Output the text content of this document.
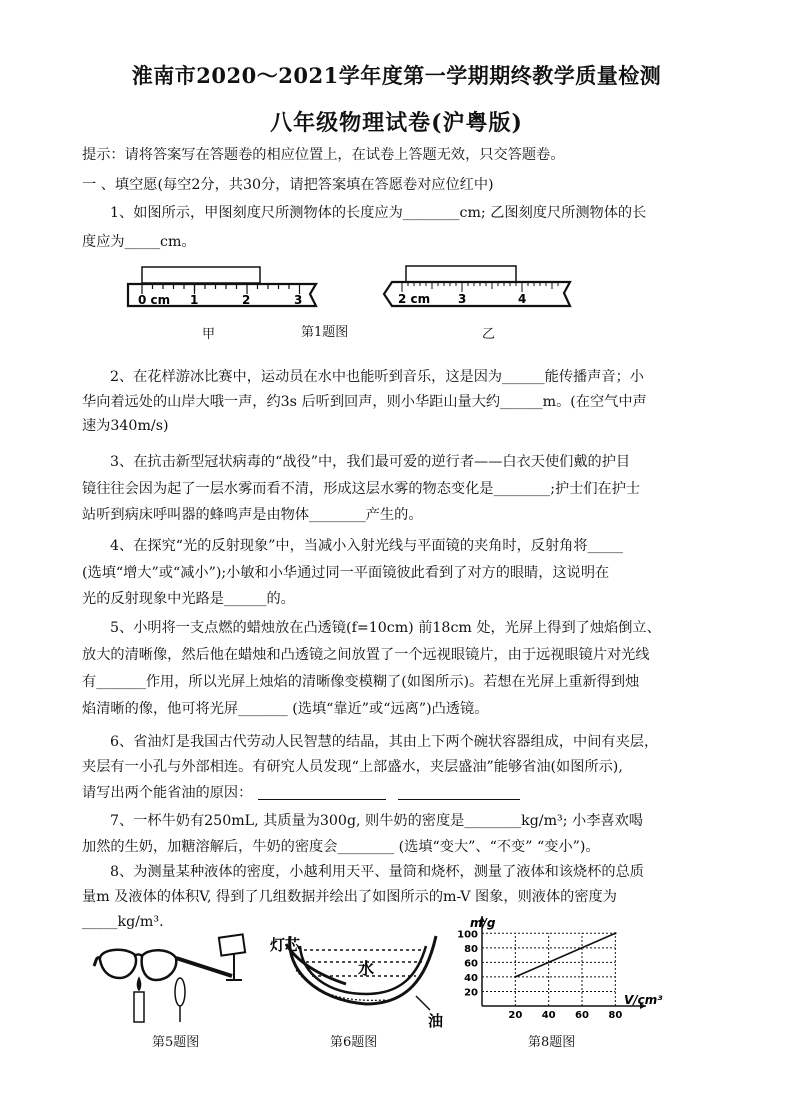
淮南市2020～2021学年度第一学期期终教学质量检测
八年级物理试卷(沪粤版)
提示：请将答案写在答题卷的相应位置上，在试卷上答题无效，只交答题卷。
一 、填空愿(每空2分，共30分，请把答案填在答愿卷对应位红中)
1、如图所示，甲图刻度尺所测物体的长度应为________cm; 乙图刻度尺所测物体的长
度应为_____cm。
0 cm 1	2	3	2 cm 3	4
甲	第1题图	乙
2、在花样游冰比赛中，运动员在水中也能听到音乐，这是因为______能传播声音；小
华向着远处的山岸大哦一声，约3s 后听到回声，则小华距山量大约______m。(在空气中声
速为340m/s)
3、在抗击新型冠状病毒的“战役”中，我们最可爱的逆行者——白衣天使们戴的护目
镜往往会因为起了一层水雾而看不清，形成这层水雾的物态变化是________;护士们在护士
站听到病床呼叫器的蜂鸣声是由物体________产生的。
4、在探究“光的反射现象”中，当减小入射光线与平面镜的夹角时，反射角将_____
(选填“增大”或“减小”);小敏和小华通过同一平面镜彼此看到了对方的眼睛，这说明在
光的反射现象中光路是______的。
5、小明将一支点燃的蜡烛放在凸透镜(f=10cm) 前18cm 处，光屏上得到了烛焰倒立、
放大的清晰像，然后他在蜡烛和凸透镜之间放置了一个远视眼镜片，由于远视眼镜片对光线
有_______作用，所以光屏上烛焰的清晰像变模糊了(如图所示)。若想在光屏上重新得到烛
焰清晰的像，他可将光屏_______ (选填“靠近”或“远离”)凸透镜。
6、省油灯是我国古代劳动人民智慧的结晶，其由上下两个碗状容器组成，中间有夹层，
夹层有一小孔与外部相连。有研究人员发现“上部盛水，夹层盛油”能够省油(如图所示),
请写出两个能省油的原因：
7、一杯牛奶有250mL, 其质量为300g, 则牛奶的密度是________kg/m³; 小李喜欢喝
加然的生奶，加糖溶解后，牛奶的密度会________ (选填“变大”、“不变” “变小”)。
8、为测量某种液体的密度，小越利用天平、量筒和烧杯，测量了液体和该烧杯的总质
量m 及液体的体积V, 得到了几组数据并绘出了如图所示的m-V 图象，则液体的密度为
_____kg/m³.
第5题图
灯芯
水
油
第6题图
20
40
60
80
100
20 40 60 80
m/g
V/cm³
第8题图
